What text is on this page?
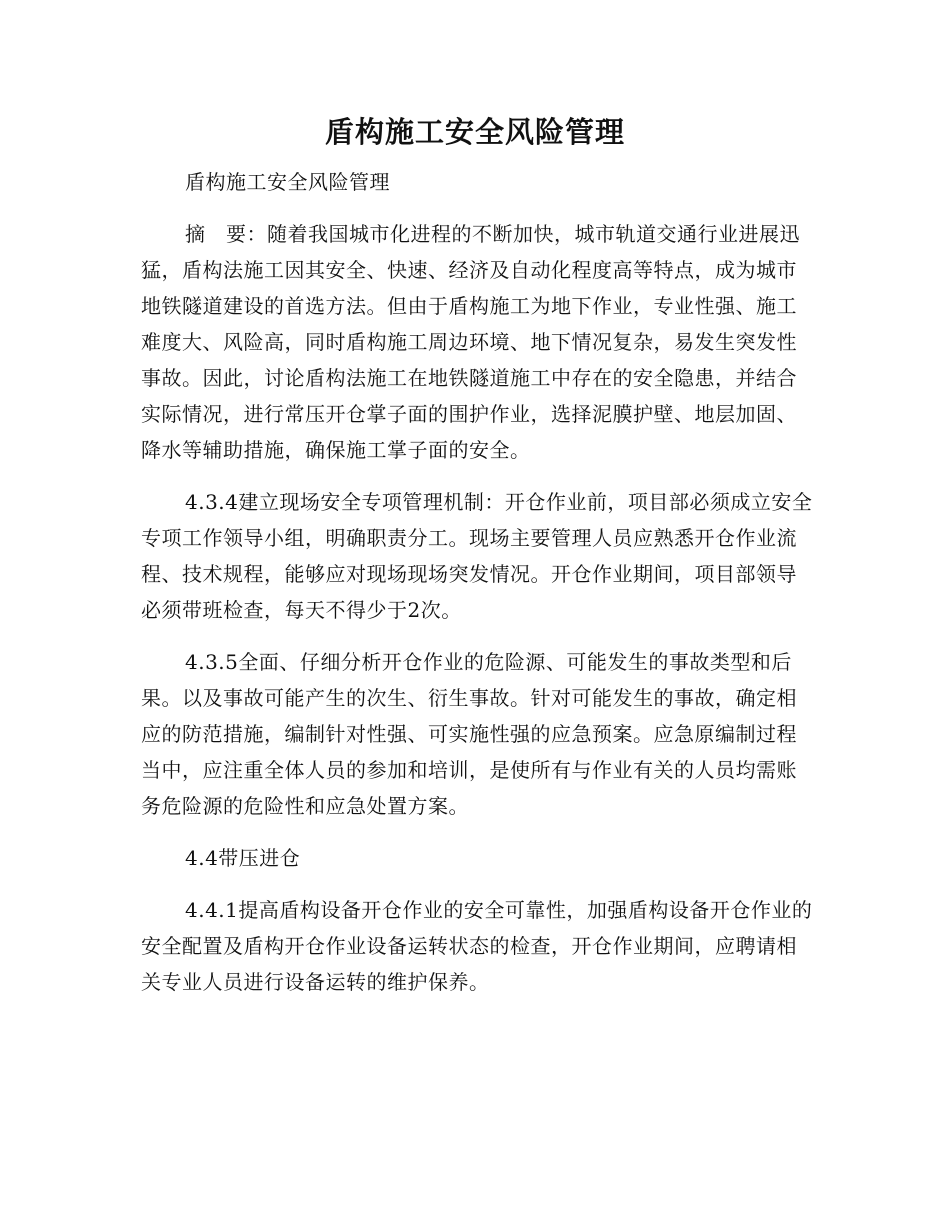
盾构施工安全风险管理

盾构施工安全风险管理

摘　要：随着我国城市化进程的不断加快，城市轨道交通行业进展迅猛，盾构法施工因其安全、快速、经济及自动化程度高等特点，成为城市地铁隧道建设的首选方法。但由于盾构施工为地下作业，专业性强、施工难度大、风险高，同时盾构施工周边环境、地下情况复杂，易发生突发性事故。因此，讨论盾构法施工在地铁隧道施工中存在的安全隐患，并结合实际情况，进行常压开仓掌子面的围护作业，选择泥膜护壁、地层加固、降水等辅助措施，确保施工掌子面的安全。

4.3.4建立现场安全专项管理机制：开仓作业前，项目部必须成立安全专项工作领导小组，明确职责分工。现场主要管理人员应熟悉开仓作业流程、技术规程，能够应对现场现场突发情况。开仓作业期间，项目部领导必须带班检查，每天不得少于2次。

4.3.5全面、仔细分析开仓作业的危险源、可能发生的事故类型和后果。以及事故可能产生的次生、衍生事故。针对可能发生的事故，确定相应的防范措施，编制针对性强、可实施性强的应急预案。应急原编制过程当中，应注重全体人员的参加和培训，是使所有与作业有关的人员均需账务危险源的危险性和应急处置方案。

4.4带压进仓

4.4.1提高盾构设备开仓作业的安全可靠性，加强盾构设备开仓作业的安全配置及盾构开仓作业设备运转状态的检查，开仓作业期间，应聘请相关专业人员进行设备运转的维护保养。
